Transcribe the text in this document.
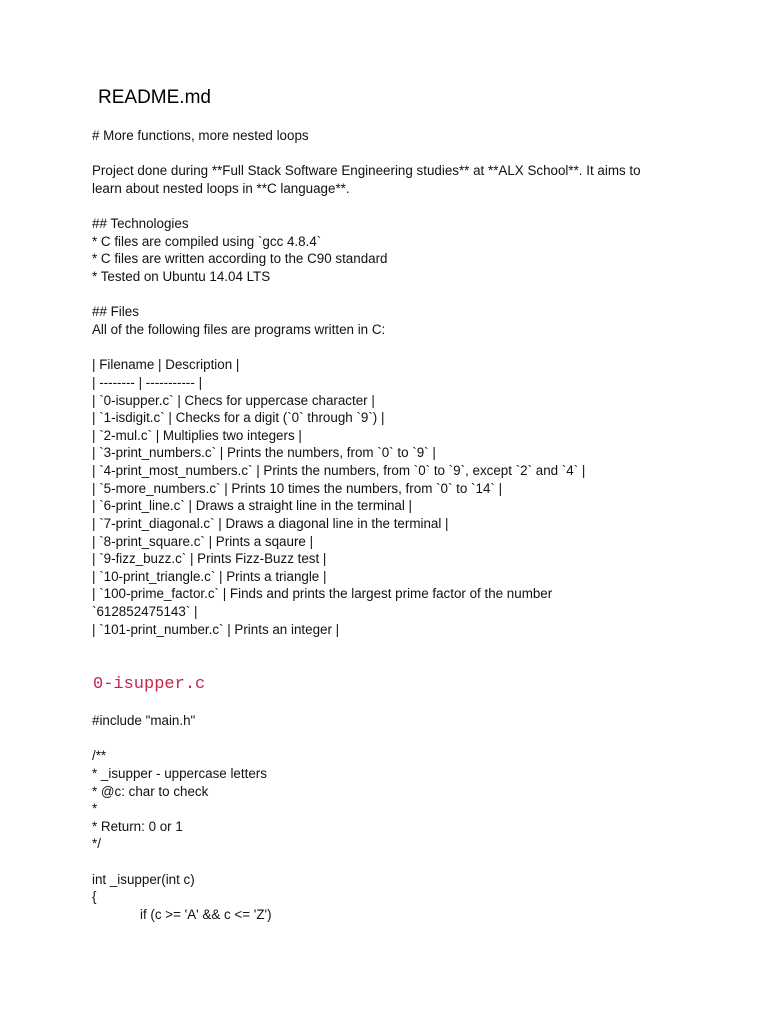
README.md
# More functions, more nested loops
Project done during **Full Stack Software Engineering studies** at **ALX School**. It aims to
learn about nested loops in **C language**.
## Technologies
* C files are compiled using `gcc 4.8.4`
* C files are written according to the C90 standard
* Tested on Ubuntu 14.04 LTS
## Files
All of the following files are programs written in C:
| Filename | Description |
| -------- | ----------- |
| `0-isupper.c` | Checs for uppercase character |
| `1-isdigit.c` | Checks for a digit (`0` through `9`) |
| `2-mul.c` | Multiplies two integers |
| `3-print_numbers.c` | Prints the numbers, from `0` to `9` |
| `4-print_most_numbers.c` | Prints the numbers, from `0` to `9`, except `2` and `4` |
| `5-more_numbers.c` | Prints 10 times the numbers, from `0` to `14` |
| `6-print_line.c` | Draws a straight line in the terminal |
| `7-print_diagonal.c` | Draws a diagonal line in the terminal |
| `8-print_square.c` | Prints a sqaure |
| `9-fizz_buzz.c` | Prints Fizz-Buzz test |
| `10-print_triangle.c` | Prints a triangle |
| `100-prime_factor.c` | Finds and prints the largest prime factor of the number
`612852475143` |
| `101-print_number.c` | Prints an integer |
0-isupper.c
#include "main.h"
/**
* _isupper - uppercase letters
* @c: char to check
*
* Return: 0 or 1
*/
int _isupper(int c)
{
if (c >= 'A' && c <= 'Z')
